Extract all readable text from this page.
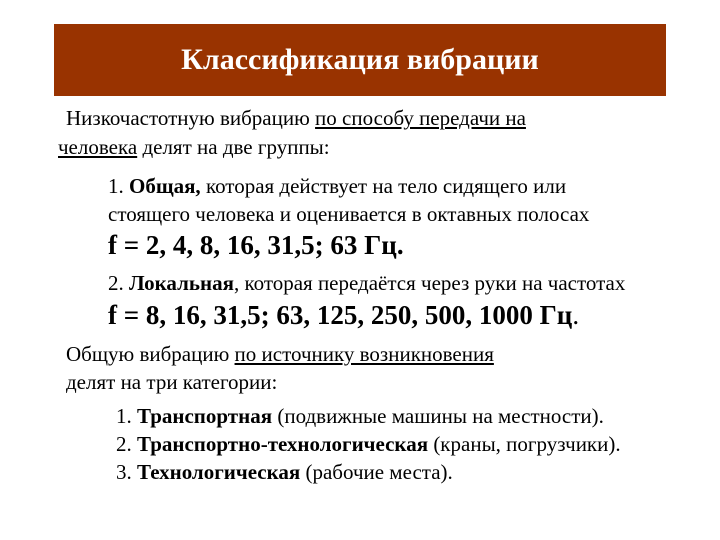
Классификация вибрации
Низкочастотную вибрацию по способу передачи на
человека делят на две группы:
1. Общая, которая действует на тело сидящего или
стоящего человека и оценивается в октавных полосах
f = 2, 4, 8, 16, 31,5; 63 Гц.
2. Локальная, которая передаётся через руки на частотах
f = 8, 16, 31,5; 63, 125, 250, 500, 1000 Гц.
Общую вибрацию по источнику возникновения
делят на три категории:
1. Транспортная (подвижные машины на местности).
2. Транспортно-технологическая (краны, погрузчики).
3. Технологическая (рабочие места).
